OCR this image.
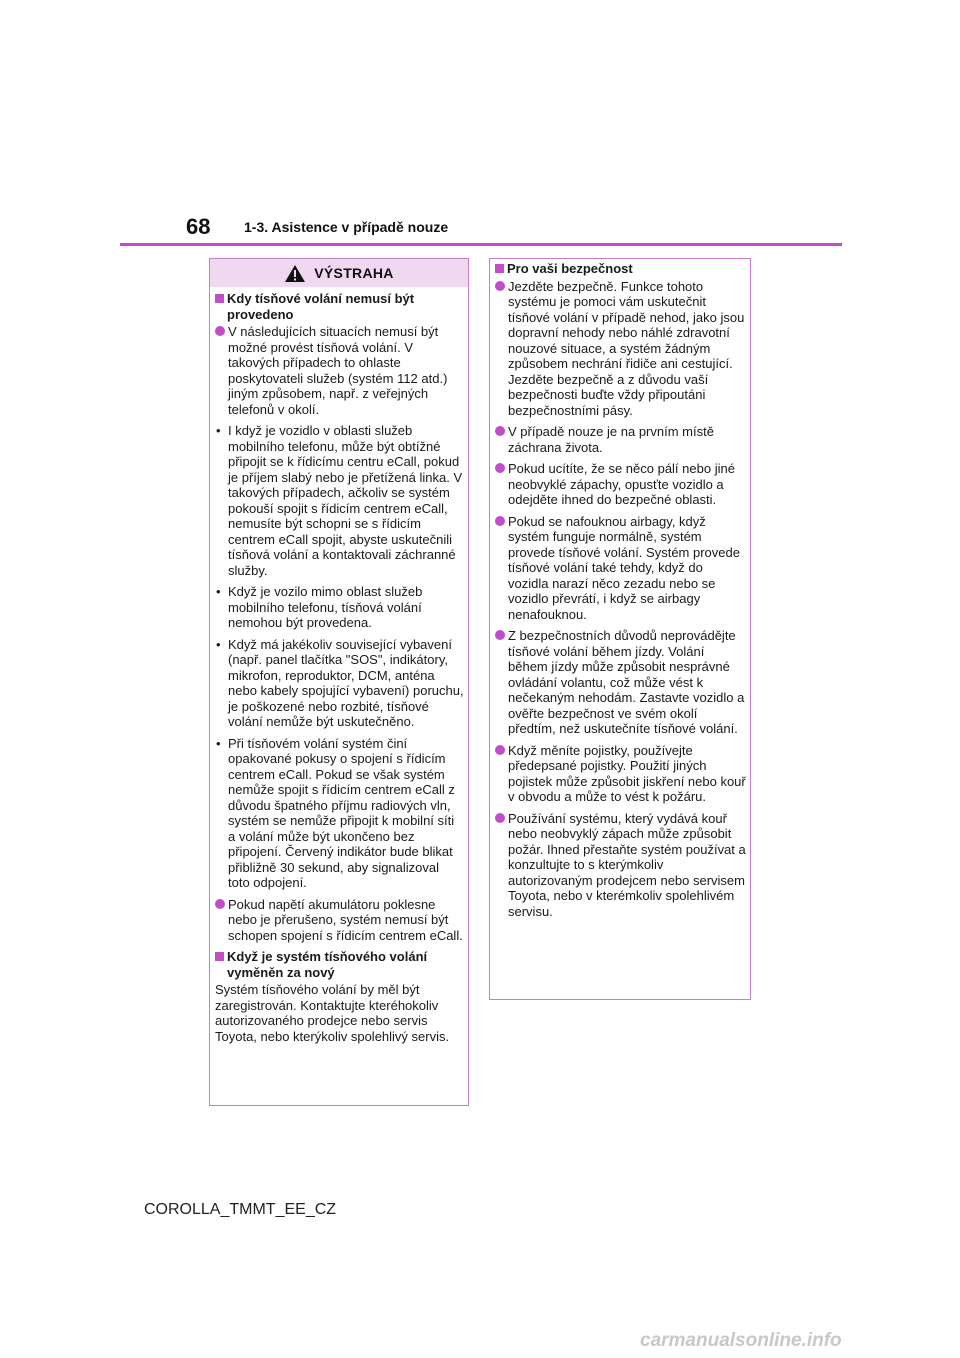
68 1-3. Asistence v případě nouze
VÝSTRAHA
Kdy tísňové volání nemusí být provedeno
V následujících situacích nemusí být možné provést tísňová volání. V takových případech to ohlaste poskytovateli služeb (systém 112 atd.) jiným způsobem, např. z veřejných telefonů v okolí.
• I když je vozidlo v oblasti služeb mobilního telefonu, může být obtížné připojit se k řídicímu centru eCall, pokud je příjem slabý nebo je přetížená linka. V takových případech, ačkoliv se systém pokouší spojit s řídicím centrem eCall, nemusíte být schopni se s řídicím centrem eCall spojit, abyste uskutečnili tísňová volání a kontaktovali záchranné služby.
• Když je vozilo mimo oblast služeb mobilního telefonu, tísňová volání nemohou být provedena.
• Když má jakékoliv související vybavení (např. panel tlačítka "SOS", indikátory, mikrofon, reproduktor, DCM, anténa nebo kabely spojující vybavení) poruchu, je poškozené nebo rozbité, tísňové volání nemůže být uskutečněno.
• Při tísňovém volání systém činí opakované pokusy o spojení s řídicím centrem eCall. Pokud se však systém nemůže spojit s řídicím centrem eCall z důvodu špatného příjmu radiových vln, systém se nemůže připojit k mobilní síti a volání může být ukončeno bez připojení. Červený indikátor bude blikat přibližně 30 sekund, aby signalizoval toto odpojení.
Pokud napětí akumulátoru poklesne nebo je přerušeno, systém nemusí být schopen spojení s řídicím centrem eCall.
Když je systém tísňového volání vyměněn za nový
Systém tísňového volání by měl být zaregistrován. Kontaktujte kteréhokoliv autorizovaného prodejce nebo servis Toyota, nebo kterýkoliv spolehlivý servis.
Pro vaši bezpečnost
Jezděte bezpečně. Funkce tohoto systému je pomoci vám uskutečnit tísňové volání v případě nehod, jako jsou dopravní nehody nebo náhlé zdravotní nouzové situace, a systém žádným způsobem nechrání řidiče ani cestující. Jezděte bezpečně a z důvodu vaší bezpečnosti buďte vždy připoutáni bezpečnostními pásy.
V případě nouze je na prvním místě záchrana života.
Pokud ucítíte, že se něco pálí nebo jiné neobvyklé zápachy, opusťte vozidlo a odejděte ihned do bezpečné oblasti.
Pokud se nafouknou airbagy, když systém funguje normálně, systém provede tísňové volání. Systém provede tísňové volání také tehdy, když do vozidla narazí něco zezadu nebo se vozidlo převrátí, i když se airbagy nenafouknou.
Z bezpečnostních důvodů neprovádějte tísňové volání během jízdy. Volání během jízdy může způsobit nesprávné ovládání volantu, což může vést k nečekaným nehodám. Zastavte vozidlo a ověřte bezpečnost ve svém okolí předtím, než uskutečníte tísňové volání.
Když měníte pojistky, používejte předepsané pojistky. Použití jiných pojistek může způsobit jiskření nebo kouř v obvodu a může to vést k požáru.
Používání systému, který vydává kouř nebo neobvyklý zápach může způsobit požár. Ihned přestaňte systém používat a konzultujte to s kterýmkoliv autorizovaným prodejcem nebo servisem Toyota, nebo v kterémkoliv spolehlivém servisu.
COROLLA_TMMT_EE_CZ
carmanualsonline.info
